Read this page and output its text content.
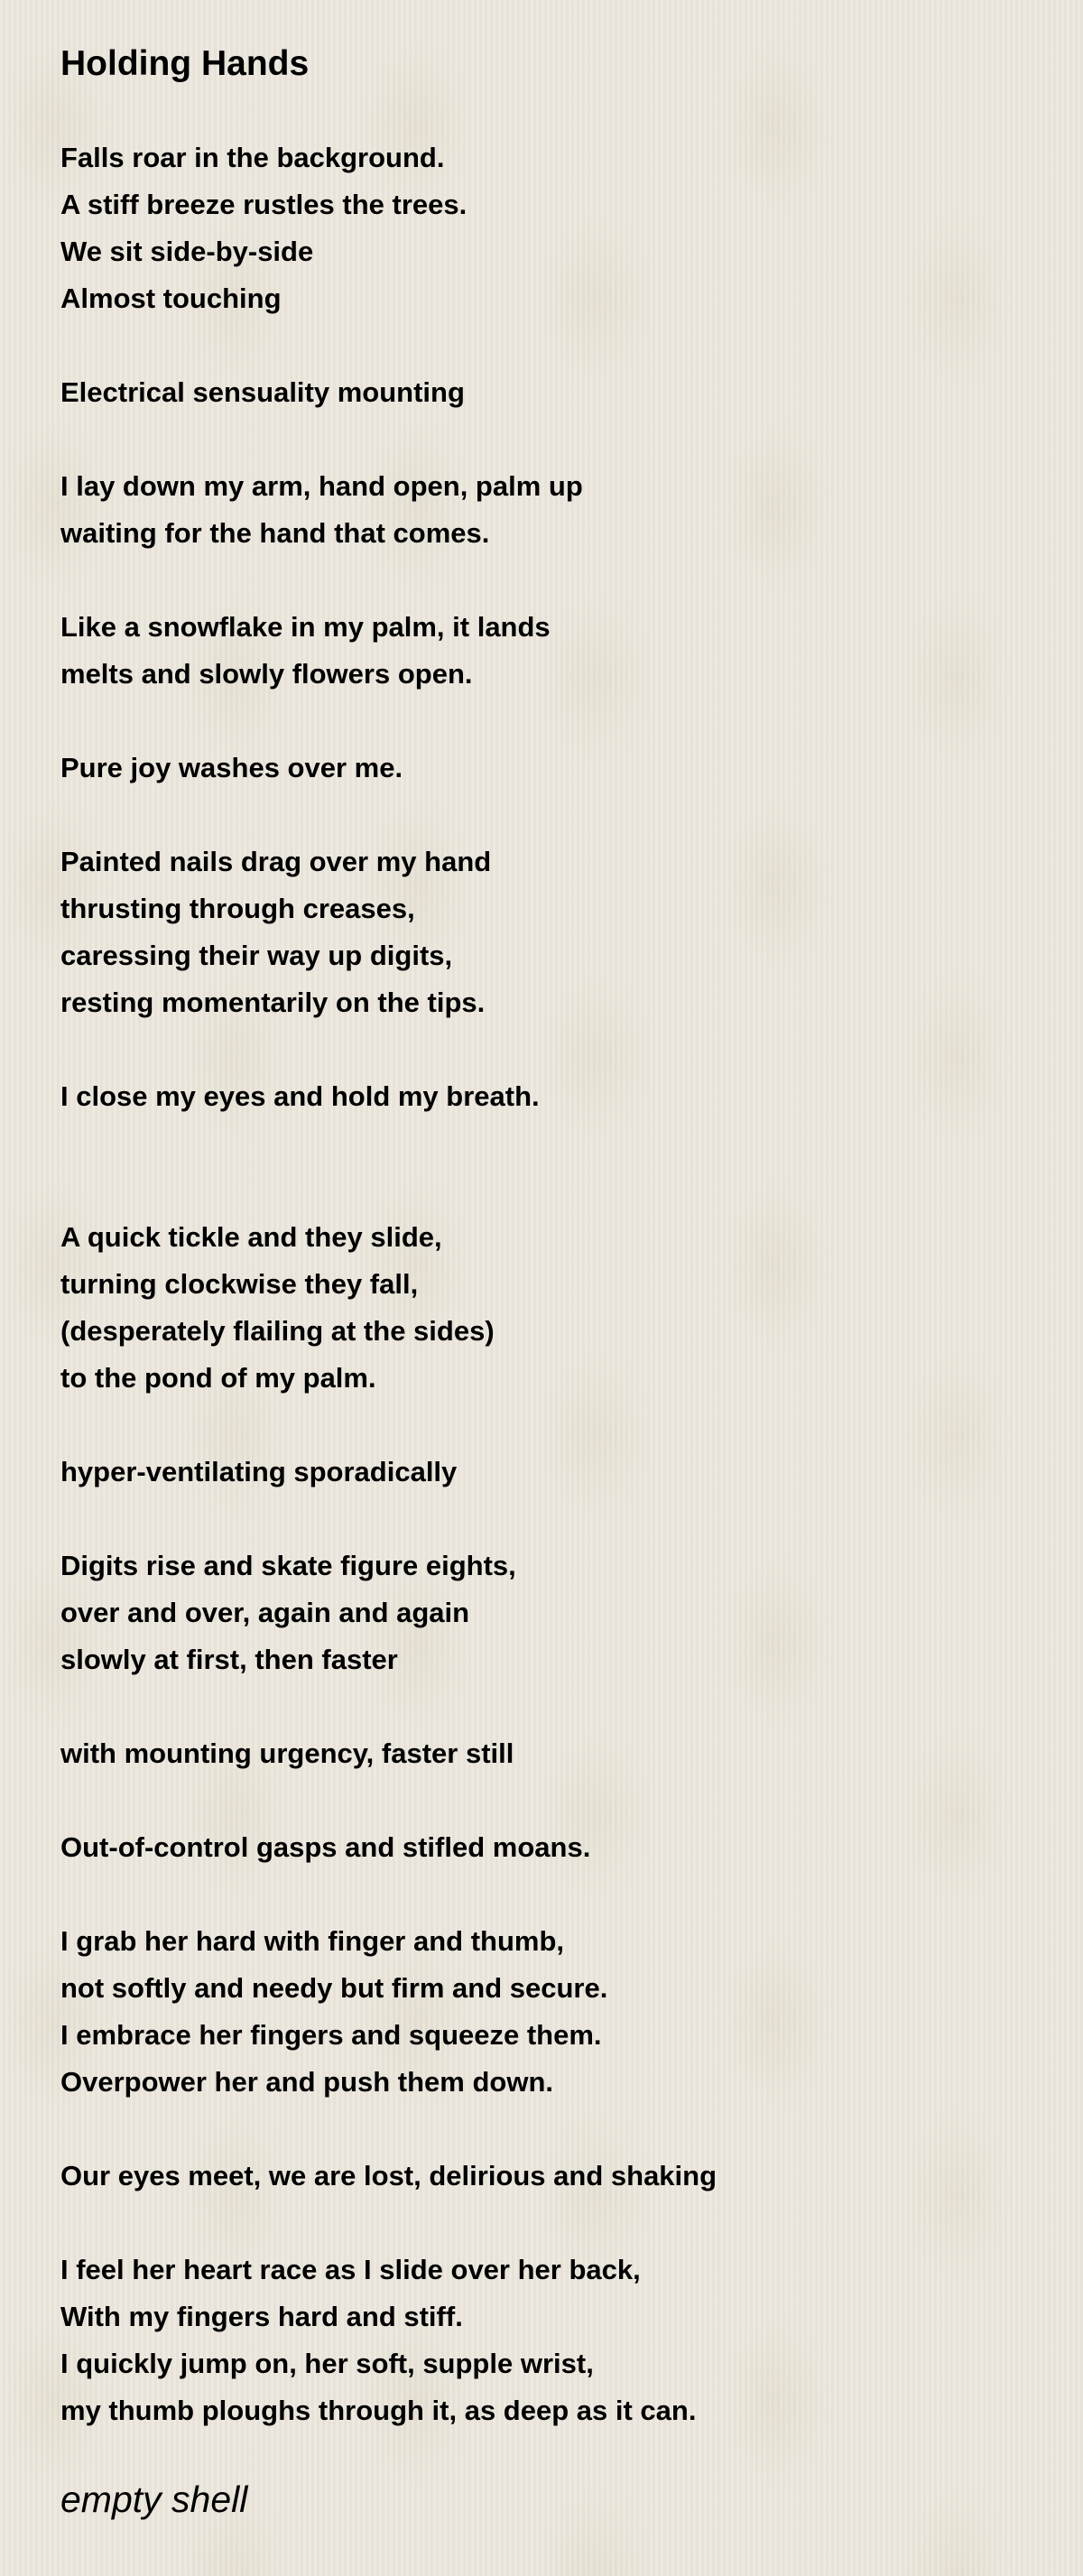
Holding Hands
Falls roar in the background.
A stiff breeze rustles the trees.
We sit side-by-side
Almost touching
Electrical sensuality mounting
I lay down my arm, hand open, palm up
waiting for the hand that comes.
Like a snowflake in my palm, it lands
melts and slowly flowers open.
Pure joy washes over me.
Painted nails drag over my hand
thrusting through creases,
caressing their way up digits,
resting momentarily on the tips.
I close my eyes and hold my breath.
A quick tickle and they slide,
turning clockwise they fall,
(desperately flailing at the sides)
to the pond of my palm.
hyper-ventilating sporadically
Digits rise and skate figure eights,
over and over, again and again
slowly at first, then faster
with mounting urgency, faster still
Out-of-control gasps and stifled moans.
I grab her hard with finger and thumb,
not softly and needy but firm and secure.
I embrace her fingers and squeeze them.
Overpower her and push them down.
Our eyes meet, we are lost, delirious and shaking
I feel her heart race as I slide over her back,
With my fingers hard and stiff.
I quickly jump on, her soft, supple wrist,
my thumb ploughs through it, as deep as it can.
empty shell
